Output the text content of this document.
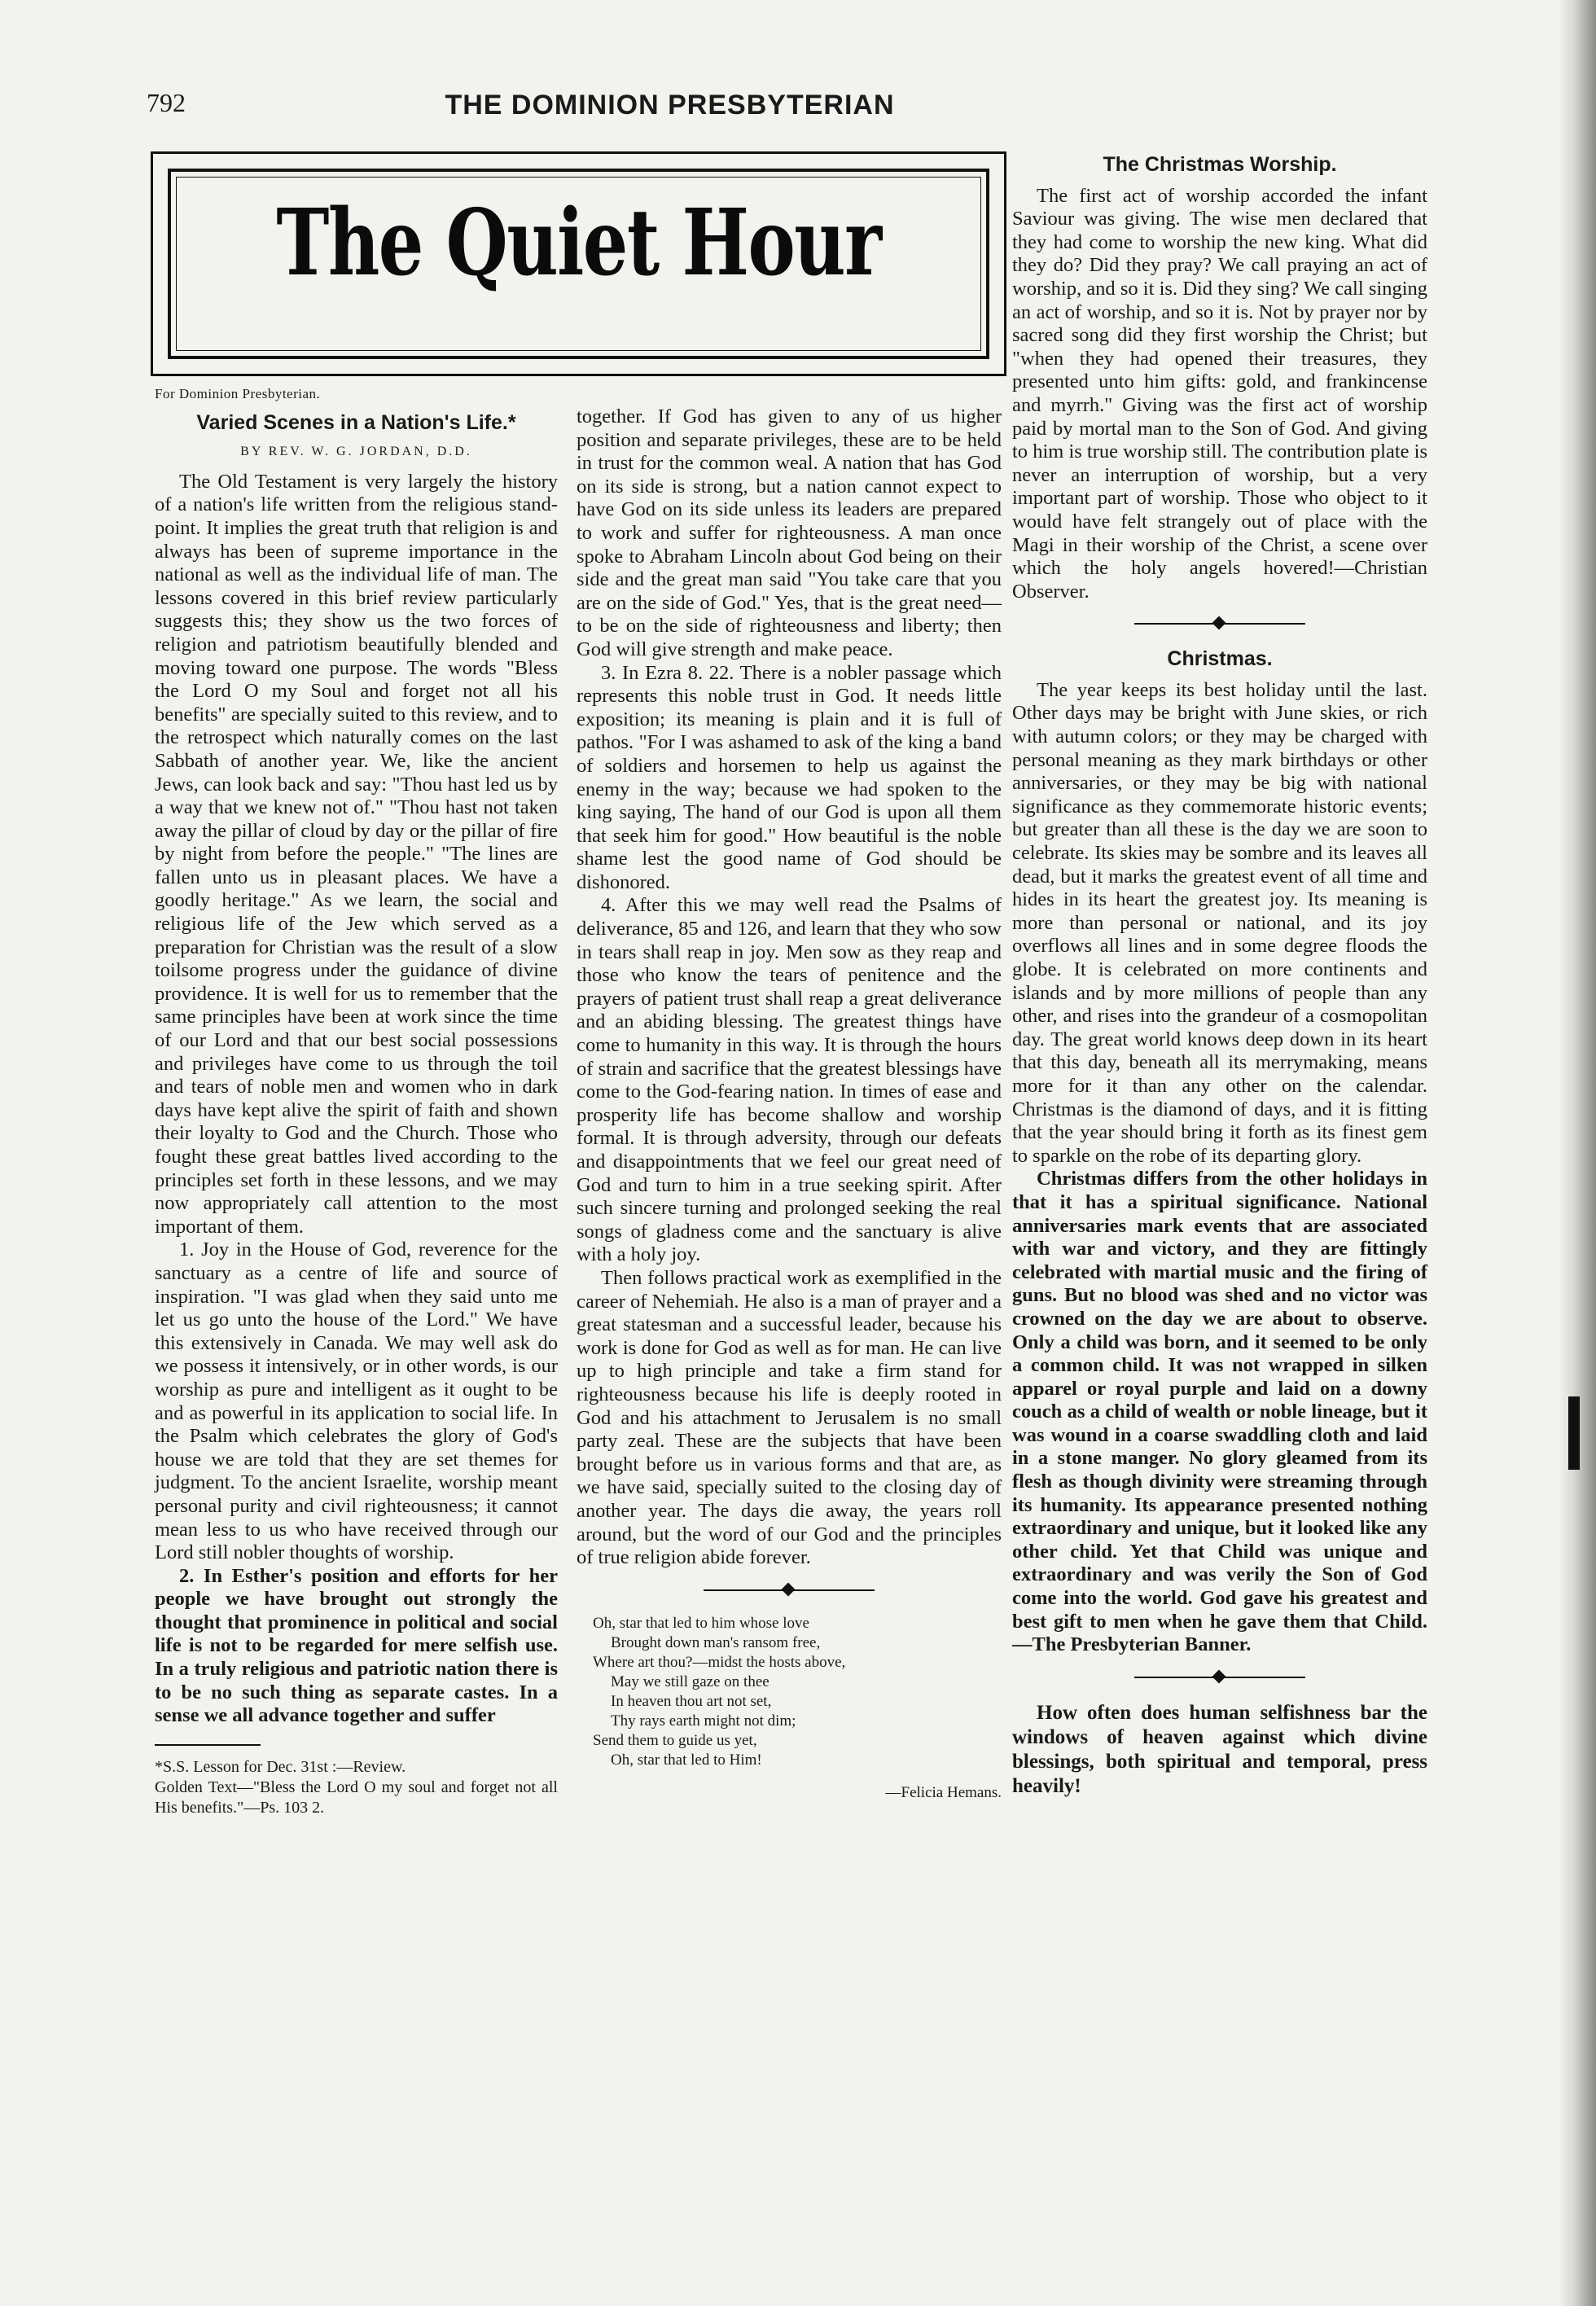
792	THE DOMINION PRESBYTERIAN
The Quiet Hour

For Dominion Presbyterian.

Varied Scenes in a Nation's Life.*
BY REV. W. G. JORDAN, D.D.

The Old Testament is very largely the history of a nation's life written from the religious stand-point. It implies the great truth that religion is and always has been of supreme importance in the national as well as the individual life of man. The lessons covered in this brief review particularly suggests this; they show us the two forces of religion and patriotism beautifully blended and moving toward one purpose. The words "Bless the Lord O my Soul and forget not all his benefits" are specially suited to this review, and to the retrospect which naturally comes on the last Sabbath of another year. We, like the ancient Jews, can look back and say: "Thou hast led us by a way that we knew not of." "Thou hast not taken away the pillar of cloud by day or the pillar of fire by night from before the people." "The lines are fallen unto us in pleasant places. We have a goodly heritage." As we learn, the social and religious life of the Jew which served as a preparation for Christian was the result of a slow toilsome progress under the guidance of divine providence. It is well for us to remember that the same principles have been at work since the time of our Lord and that our best social possessions and privileges have come to us through the toil and tears of noble men and women who in dark days have kept alive the spirit of faith and shown their loyalty to God and the Church. Those who fought these great battles lived according to the principles set forth in these lessons, and we may now appropriately call attention to the most important of them.

1. Joy in the House of God, reverence for the sanctuary as a centre of life and source of inspiration. "I was glad when they said unto me let us go unto the house of the Lord." We have this extensively in Canada. We may well ask do we possess it intensively, or in other words, is our worship as pure and intelligent as it ought to be and as powerful in its application to social life. In the Psalm which celebrates the glory of God's house we are told that they are set themes for judgment. To the ancient Israelite, worship meant personal purity and civil righteousness; it cannot mean less to us who have received through our Lord still nobler thoughts of worship.

2. In Esther's position and efforts for her people we have brought out strongly the thought that prominence in political and social life is not to be regarded for mere selfish use. In a truly religious and patriotic nation there is to be no such thing as separate castes. In a sense we all advance together and suffer

*S.S. Lesson for Dec. 31st :—Review.

Golden Text—"Bless the Lord O my soul and forget not all His benefits."—Ps. 103 2.

together. If God has given to any of us higher position and separate privileges, these are to be held in trust for the common weal. A nation that has God on its side is strong, but a nation cannot expect to have God on its side unless its leaders are prepared to work and suffer for righteousness. A man once spoke to Abraham Lincoln about God being on their side and the great man said "You take care that you are on the side of God." Yes, that is the great need—to be on the side of righteousness and liberty; then God will give strength and make peace.

3. In Ezra 8. 22. There is a nobler passage which represents this noble trust in God. It needs little exposition; its meaning is plain and it is full of pathos. "For I was ashamed to ask of the king a band of soldiers and horsemen to help us against the enemy in the way; because we had spoken to the king saying, The hand of our God is upon all them that seek him for good." How beautiful is the noble shame lest the good name of God should be dishonored.

4. After this we may well read the Psalms of deliverance, 85 and 126, and learn that they who sow in tears shall reap in joy. Men sow as they reap and those who know the tears of penitence and the prayers of patient trust shall reap a great deliverance and an abiding blessing. The greatest things have come to humanity in this way. It is through the hours of strain and sacrifice that the greatest blessings have come to the God-fearing nation. In times of ease and prosperity life has become shallow and worship formal. It is through adversity, through our defeats and disappointments that we feel our great need of God and turn to him in a true seeking spirit. After such sincere turning and prolonged seeking the real songs of gladness come and the sanctuary is alive with a holy joy.

Then follows practical work as exemplified in the career of Nehemiah. He also is a man of prayer and a great statesman and a successful leader, because his work is done for God as well as for man. He can live up to high principle and take a firm stand for righteousness because his life is deeply rooted in God and his attachment to Jerusalem is no small party zeal. These are the subjects that have been brought before us in various forms and that are, as we have said, specially suited to the closing day of another year. The days die away, the years roll around, but the word of our God and the principles of true religion abide forever.

Oh, star that led to him whose love
Brought down man's ransom free,
Where art thou?—midst the hosts above,
May we still gaze on thee
In heaven thou art not set,
Thy rays earth might not dim;
Send them to guide us yet,
Oh, star that led to Him!
—Felicia Hemans.
The Christmas Worship.

The first act of worship accorded the infant Saviour was giving. The wise men declared that they had come to worship the new king. What did they do? Did they pray? We call praying an act of worship, and so it is. Did they sing? We call singing an act of worship, and so it is. Not by prayer nor by sacred song did they first worship the Christ; but "when they had opened their treasures, they presented unto him gifts: gold, and frankincense and myrrh." Giving was the first act of worship paid by mortal man to the Son of God. And giving to him is true worship still. The contribution plate is never an interruption of worship, but a very important part of worship. Those who object to it would have felt strangely out of place with the Magi in their worship of the Christ, a scene over which the holy angels hovered!—Christian Observer.

Christmas.

The year keeps its best holiday until the last. Other days may be bright with June skies, or rich with autumn colors; or they may be charged with personal meaning as they mark birthdays or other anniversaries, or they may be big with national significance as they commemorate historic events; but greater than all these is the day we are soon to celebrate. Its skies may be sombre and its leaves all dead, but it marks the greatest event of all time and hides in its heart the greatest joy. Its meaning is more than personal or national, and its joy overflows all lines and in some degree floods the globe. It is celebrated on more continents and islands and by more millions of people than any other, and rises into the grandeur of a cosmopolitan day. The great world knows deep down in its heart that this day, beneath all its merrymaking, means more for it than any other on the calendar. Christmas is the diamond of days, and it is fitting that the year should bring it forth as its finest gem to sparkle on the robe of its departing glory.

Christmas differs from the other holidays in that it has a spiritual significance. National anniversaries mark events that are associated with war and victory, and they are fittingly celebrated with martial music and the firing of guns. But no blood was shed and no victor was crowned on the day we are about to observe. Only a child was born, and it seemed to be only a common child. It was not wrapped in silken apparel or royal purple and laid on a downy couch as a child of wealth or noble lineage, but it was wound in a coarse swaddling cloth and laid in a stone manger. No glory gleamed from its flesh as though divinity were streaming through its humanity. Its appearance presented nothing extraordinary and unique, but it looked like any other child. Yet that Child was unique and extraordinary and was verily the Son of God come into the world. God gave his greatest and best gift to men when he gave them that Child.—The Presbyterian Banner.

How often does human selfishness bar the windows of heaven against which divine blessings, both spiritual and temporal, press heavily!
